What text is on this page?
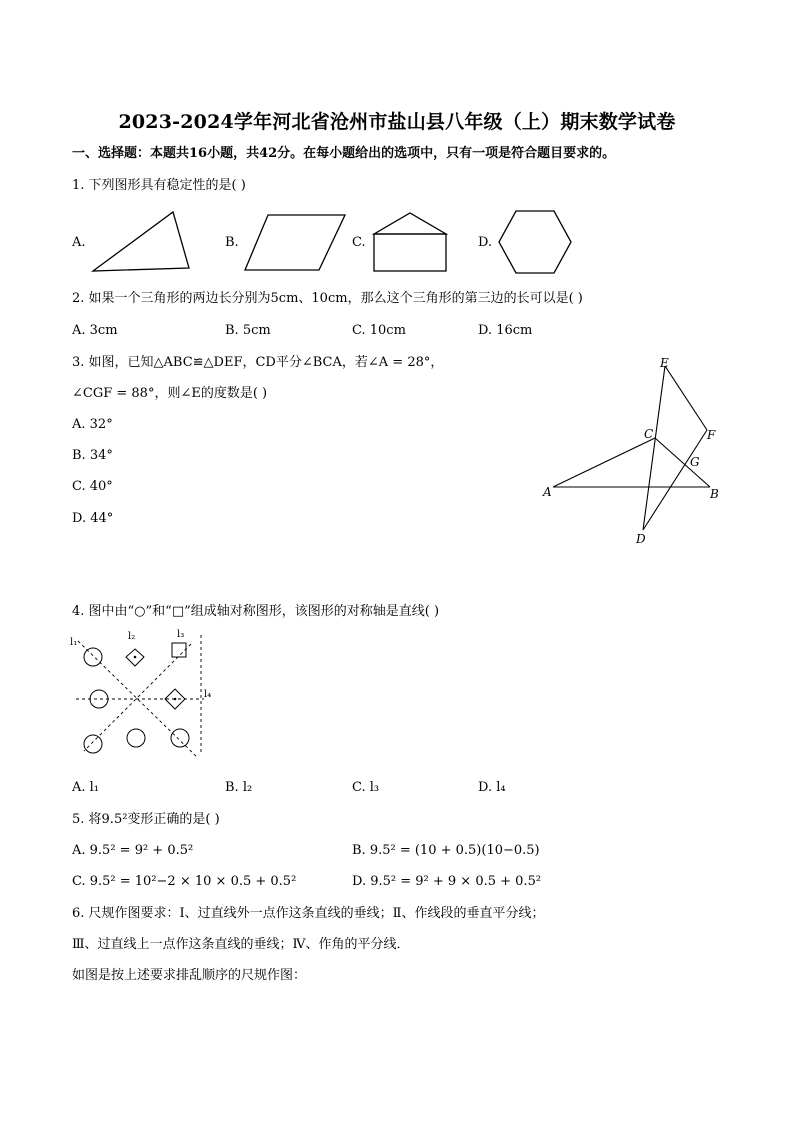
2023-2024学年河北省沧州市盐山县八年级（上）期末数学试卷
一、选择题：本题共16小题，共42分。在每小题给出的选项中，只有一项是符合题目要求的。
1. 下列图形具有稳定性的是( )
A.	B.	C.	D.
2. 如果一个三角形的两边长分别为5cm、10cm，那么这个三角形的第三边的长可以是( )
A. 3cm	B. 5cm	C. 10cm	D. 16cm
3. 如图，已知△ABC≌△DEF，CD平分∠BCA，若∠A = 28°，
∠CGF = 88°，则∠E的度数是( )
A. 32°
B. 34°
C. 40°
D. 44°
E
C	F
G
A	B
D
4. 图中由“○”和“□”组成轴对称图形，该图形的对称轴是直线( )
l₁
l₂	l₃
l₄
A. l₁	B. l₂	C. l₃	D. l₄
5. 将9.5²变形正确的是( )
A. 9.5² = 9² + 0.5²	B. 9.5² = (10 + 0.5)(10−0.5)
C. 9.5² = 10²−2 × 10 × 0.5 + 0.5²	D. 9.5² = 9² + 9 × 0.5 + 0.5²
6. 尺规作图要求：Ⅰ、过直线外一点作这条直线的垂线；Ⅱ、作线段的垂直平分线；
Ⅲ、过直线上一点作这条直线的垂线；Ⅳ、作角的平分线．
如图是按上述要求排乱顺序的尺规作图：
